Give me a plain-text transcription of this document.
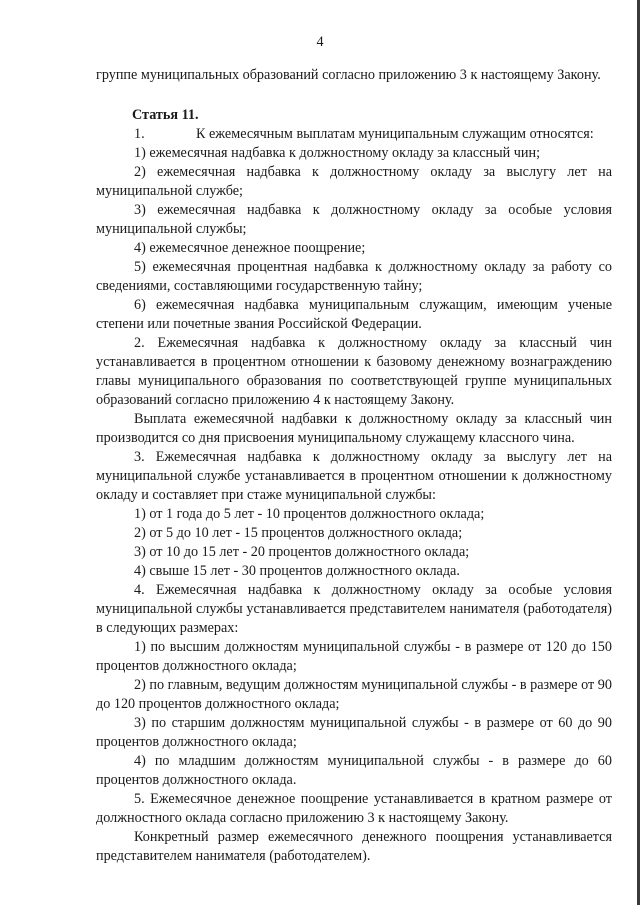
4

группе муниципальных образований согласно приложению 3 к настоящему Закону.

Статья 11.

1.	К ежемесячным выплатам муниципальным служащим относятся:

1) ежемесячная надбавка к должностному окладу за классный чин;

2) ежемесячная надбавка к должностному окладу за выслугу лет на муниципальной службе;

3) ежемесячная надбавка к должностному окладу за особые условия муниципальной службы;

4) ежемесячное денежное поощрение;

5) ежемесячная процентная надбавка к должностному окладу за работу со сведениями, составляющими государственную тайну;

6) ежемесячная надбавка муниципальным служащим, имеющим ученые степени или почетные звания Российской Федерации.

2. Ежемесячная надбавка к должностному окладу за классный чин устанавливается в процентном отношении к базовому денежному вознаграждению главы муниципального образования по соответствующей группе муниципальных образований согласно приложению 4 к настоящему Закону.

Выплата ежемесячной надбавки к должностному окладу за классный чин производится со дня присвоения муниципальному служащему классного чина.

3. Ежемесячная надбавка к должностному окладу за выслугу лет на муниципальной службе устанавливается в процентном отношении к должностному окладу и составляет при стаже муниципальной службы:

1) от 1 года до 5 лет - 10 процентов должностного оклада;

2) от 5 до 10 лет - 15 процентов должностного оклада;

3) от 10 до 15 лет - 20 процентов должностного оклада;

4) свыше 15 лет - 30 процентов должностного оклада.

4. Ежемесячная надбавка к должностному окладу за особые условия муниципальной службы устанавливается представителем нанимателя (работодателя) в следующих размерах:

1) по высшим должностям муниципальной службы - в размере от 120 до 150 процентов должностного оклада;

2) по главным, ведущим должностям муниципальной службы - в размере от 90 до 120 процентов должностного оклада;

3) по старшим должностям муниципальной службы - в размере от 60 до 90 процентов должностного оклада;

4) по младшим должностям муниципальной службы - в размере до 60 процентов должностного оклада.

5. Ежемесячное денежное поощрение устанавливается в кратном размере от должностного оклада согласно приложению 3 к настоящему Закону.

Конкретный размер ежемесячного денежного поощрения устанавливается представителем нанимателя (работодателем).
